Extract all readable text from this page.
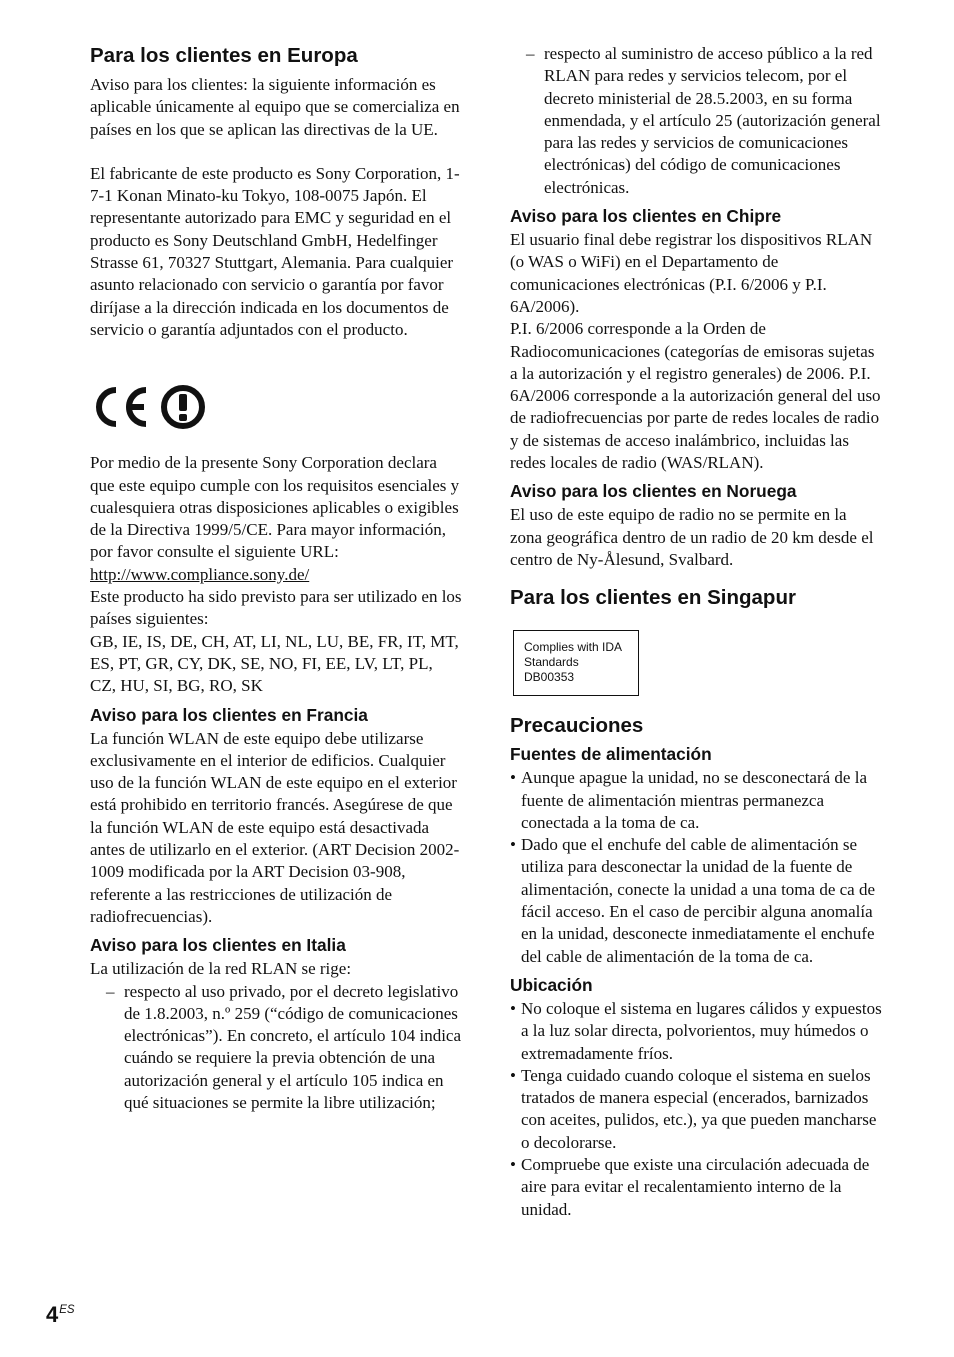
Para los clientes en Europa

Aviso para los clientes: la siguiente información es aplicable únicamente al equipo que se comercializa en países en los que se aplican las directivas de la UE.

El fabricante de este producto es Sony Corporation, 1-7-1 Konan Minato-ku Tokyo, 108-0075 Japón. El representante autorizado para EMC y seguridad en el producto es Sony Deutschland GmbH, Hedelfinger Strasse 61, 70327 Stuttgart, Alemania. Para cualquier asunto relacionado con servicio o garantía por favor diríjase a la dirección indicada en los documentos de servicio o garantía adjuntados con el producto.

Por medio de la presente Sony Corporation declara que este equipo cumple con los requisitos esenciales y cualesquiera otras disposiciones aplicables o exigibles de la Directiva 1999/5/CE. Para mayor información, por favor consulte el siguiente URL: http://www.compliance.sony.de/

Este producto ha sido previsto para ser utilizado en los países siguientes:

GB, IE, IS, DE, CH, AT, LI, NL, LU, BE, FR, IT, MT, ES, PT, GR, CY, DK, SE, NO, FI, EE, LV, LT, PL, CZ, HU, SI, BG, RO, SK

Aviso para los clientes en Francia

La función WLAN de este equipo debe utilizarse exclusivamente en el interior de edificios. Cualquier uso de la función WLAN de este equipo en el exterior está prohibido en territorio francés. Asegúrese de que la función WLAN de este equipo está desactivada antes de utilizarlo en el exterior. (ART Decision 2002-1009 modificada por la ART Decision 03-908, referente a las restricciones de utilización de radiofrecuencias).

Aviso para los clientes en Italia

La utilización de la red RLAN se rige:

– respecto al uso privado, por el decreto legislativo de 1.8.2003, n.º 259 (“código de comunicaciones electrónicas”). En concreto, el artículo 104 indica cuándo se requiere la previa obtención de una autorización general y el artículo 105 indica en qué situaciones se permite la libre utilización;
– respecto al suministro de acceso público a la red RLAN para redes y servicios telecom, por el decreto ministerial de 28.5.2003, en su forma enmendada, y el artículo 25 (autorización general para las redes y servicios de comunicaciones electrónicas) del código de comunicaciones electrónicas.
Aviso para los clientes en Chipre

El usuario final debe registrar los dispositivos RLAN (o WAS o WiFi) en el Departamento de comunicaciones electrónicas (P.I. 6/2006 y P.I. 6A/2006).

P.I. 6/2006 corresponde a la Orden de Radiocomunicaciones (categorías de emisoras sujetas a la autorización y el registro generales) de 2006. P.I. 6A/2006 corresponde a la autorización general del uso de radiofrecuencias por parte de redes locales de radio y de sistemas de acceso inalámbrico, incluidas las redes locales de radio (WAS/RLAN).

Aviso para los clientes en Noruega

El uso de este equipo de radio no se permite en la zona geográfica dentro de un radio de 20 km desde el centro de Ny-Ålesund, Svalbard.

Para los clientes en Singapur
Complies with IDA
Standards
DB00353
Precauciones
Fuentes de alimentación
• Aunque apague la unidad, no se desconectará de la fuente de alimentación mientras permanezca conectada a la toma de ca.
• Dado que el enchufe del cable de alimentación se utiliza para desconectar la unidad de la fuente de alimentación, conecte la unidad a una toma de ca de fácil acceso. En el caso de percibir alguna anomalía en la unidad, desconecte inmediatamente el enchufe del cable de alimentación de la toma de ca.
Ubicación
• No coloque el sistema en lugares cálidos y expuestos a la luz solar directa, polvorientos, muy húmedos o extremadamente fríos.
• Tenga cuidado cuando coloque el sistema en suelos tratados de manera especial (encerados, barnizados con aceites, pulidos, etc.), ya que pueden mancharse o decolorarse.
• Compruebe que existe una circulación adecuada de aire para evitar el recalentamiento interno de la unidad.
$4^{ES}$
